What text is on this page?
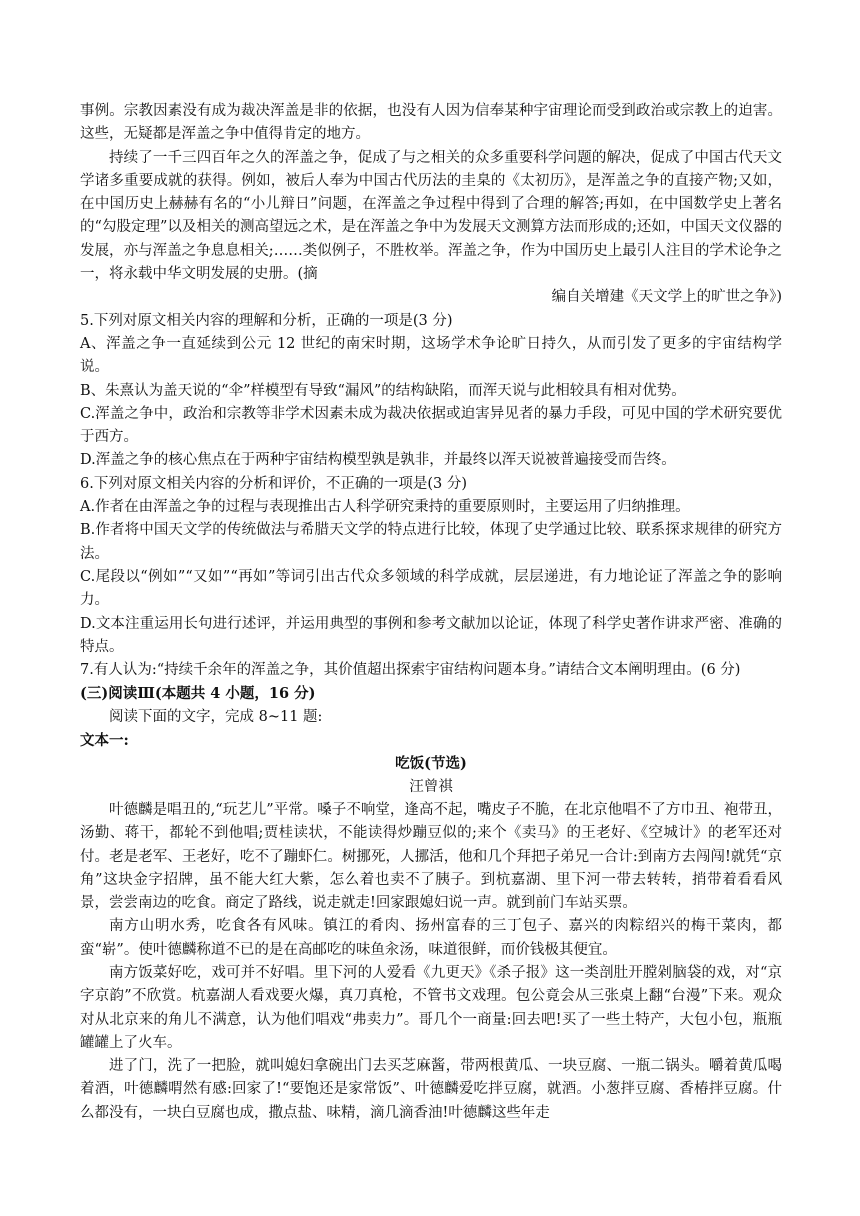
事例。宗教因素没有成为裁决浑盖是非的依据，也没有人因为信奉某种宇宙理论而受到政治或宗教上的迫害。这些，无疑都是浑盖之争中值得肯定的地方。

持续了一千三四百年之久的浑盖之争，促成了与之相关的众多重要科学问题的解决，促成了中国古代天文学诸多重要成就的获得。例如，被后人奉为中国古代历法的圭臬的《太初历》，是浑盖之争的直接产物;又如，在中国历史上赫赫有名的“小儿辩日”问题，在浑盖之争过程中得到了合理的解答;再如，在中国数学史上著名的“勾股定理”以及相关的测高望远之术，是在浑盖之争中为发展天文测算方法而形成的;还如，中国天文仪器的发展，亦与浑盖之争息息相关;……类似例子，不胜枚举。浑盖之争，作为中国历史上最引人注目的学术论争之一，将永载中华文明发展的史册。(摘

编自关增建《天文学上的旷世之争》)

5.下列对原文相关内容的理解和分析，正确的一项是(3 分)

A、浑盖之争一直延续到公元 12 世纪的南宋时期，这场学术争论旷日持久，从而引发了更多的宇宙结构学说。

B、朱熹认为盖天说的“伞”样模型有导致“漏风”的结构缺陷，而浑天说与此相较具有相对优势。

C.浑盖之争中，政治和宗教等非学术因素未成为裁决依据或迫害异见者的暴力手段，可见中国的学术研究要优于西方。

D.浑盖之争的核心焦点在于两种宇宙结构模型孰是孰非，并最终以浑天说被普遍接受而告终。

6.下列对原文相关内容的分析和评价，不正确的一项是(3 分)

A.作者在由浑盖之争的过程与表现推出古人科学研究秉持的重要原则时，主要运用了归纳推理。

B.作者将中国天文学的传统做法与希腊天文学的特点进行比较，体现了史学通过比较、联系探求规律的研究方法。

C.尾段以“例如”“又如”“再如”等词引出古代众多领域的科学成就，层层递进，有力地论证了浑盖之争的影响力。

D.文本注重运用长句进行述评，并运用典型的事例和参考文献加以论证，体现了科学史著作讲求严密、准确的特点。

7.有人认为:“持续千余年的浑盖之争，其价值超出探索宇宙结构问题本身。”请结合文本阐明理由。(6 分)

(三)阅读Ⅲ(本题共 4 小题，16 分)

阅读下面的文字，完成 8~11 题:

文本一:

吃饭(节选)

汪曾祺

叶德麟是唱丑的,“玩艺儿”平常。嗓子不响堂，逢高不起，嘴皮子不脆，在北京他唱不了方巾丑、袍带丑，汤勤、蒋干，都轮不到他唱;贾桂读状，不能读得炒蹦豆似的;来个《卖马》的王老好、《空城计》的老军还对付。老是老军、王老好，吃不了蹦虾仁。树挪死，人挪活，他和几个拜把子弟兄一合计:到南方去闯闯!就凭“京角”这块金字招牌，虽不能大红大紫，怎么着也卖不了胰子。到杭嘉湖、里下河一带去转转，捎带着看看风景，尝尝南边的吃食。商定了路线，说走就走!回家跟媳妇说一声。就到前门车站买票。

南方山明水秀，吃食各有风味。镇江的肴肉、扬州富春的三丁包子、嘉兴的肉粽绍兴的梅干菜肉，都蛮“崭”。使叶德麟称道不已的是在高邮吃的味鱼汆汤，味道很鲜，而价钱极其便宜。

南方饭菜好吃，戏可并不好唱。里下河的人爱看《九更天》《杀子报》这一类剖肚开膛剁脑袋的戏，对“京字京韵”不欣赏。杭嘉湖人看戏要火爆，真刀真枪，不管书文戏理。包公竟会从三张桌上翻“台漫”下来。观众对从北京来的角儿不满意，认为他们唱戏“弗卖力”。哥几个一商量:回去吧!买了一些土特产，大包小包，瓶瓶罐罐上了火车。

进了门，洗了一把脸，就叫媳妇拿碗出门去买芝麻酱，带两根黄瓜、一块豆腐、一瓶二锅头。嚼着黄瓜喝着酒，叶德麟喟然有感:回家了!“要饱还是家常饭”、叶德麟爱吃拌豆腐，就酒。小葱拌豆腐、香椿拌豆腐。什么都没有，一块白豆腐也成，撒点盐、味精，滴几滴香油!叶德麟这些年走
